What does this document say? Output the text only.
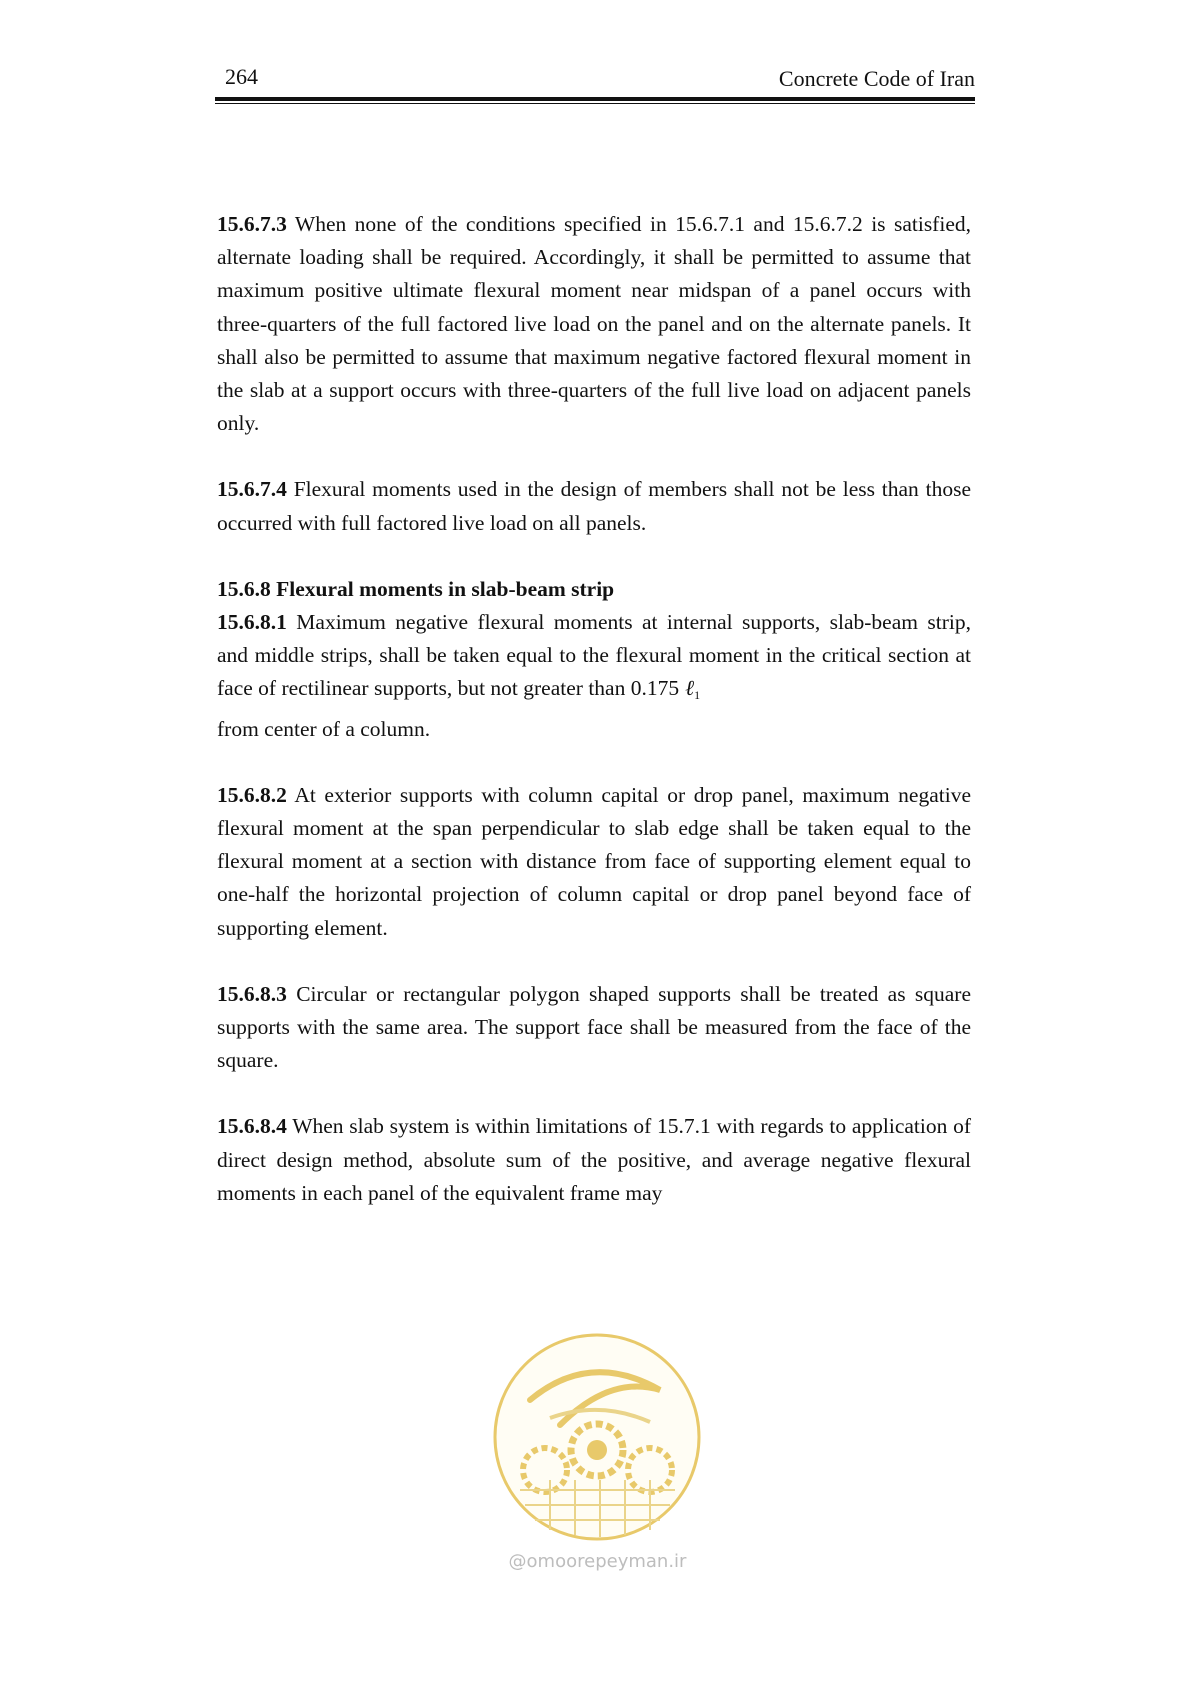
264	Concrete Code of Iran

15.6.7.3 When none of the conditions specified in 15.6.7.1 and 15.6.7.2 is satisfied, alternate loading shall be required. Accordingly, it shall be permitted to assume that maximum positive ultimate flexural moment near midspan of a panel occurs with three-quarters of the full factored live load on the panel and on the alternate panels. It shall also be permitted to assume that maximum negative factored flexural moment in the slab at a support occurs with three-quarters of the full live load on adjacent panels only.

15.6.7.4 Flexural moments used in the design of members shall not be less than those occurred with full factored live load on all panels.

15.6.8 Flexural moments in slab-beam strip

15.6.8.1 Maximum negative flexural moments at internal supports, slab-beam strip, and middle strips, shall be taken equal to the flexural moment in the critical section at face of rectilinear supports, but not greater than 0.175 ℓ$_1$
from center of a column.

15.6.8.2 At exterior supports with column capital or drop panel, maximum negative flexural moment at the span perpendicular to slab edge shall be taken equal to the flexural moment at a section with distance from face of supporting element equal to one-half the horizontal projection of column capital or drop panel beyond face of supporting element.

15.6.8.3 Circular or rectangular polygon shaped supports shall be treated as square supports with the same area. The support face shall be measured from the face of the square.

15.6.8.4 When slab system is within limitations of 15.7.1 with regards to application of direct design method, absolute sum of the positive, and average negative flexural moments in each panel of the equivalent frame may

@omoorepeyman.ir
